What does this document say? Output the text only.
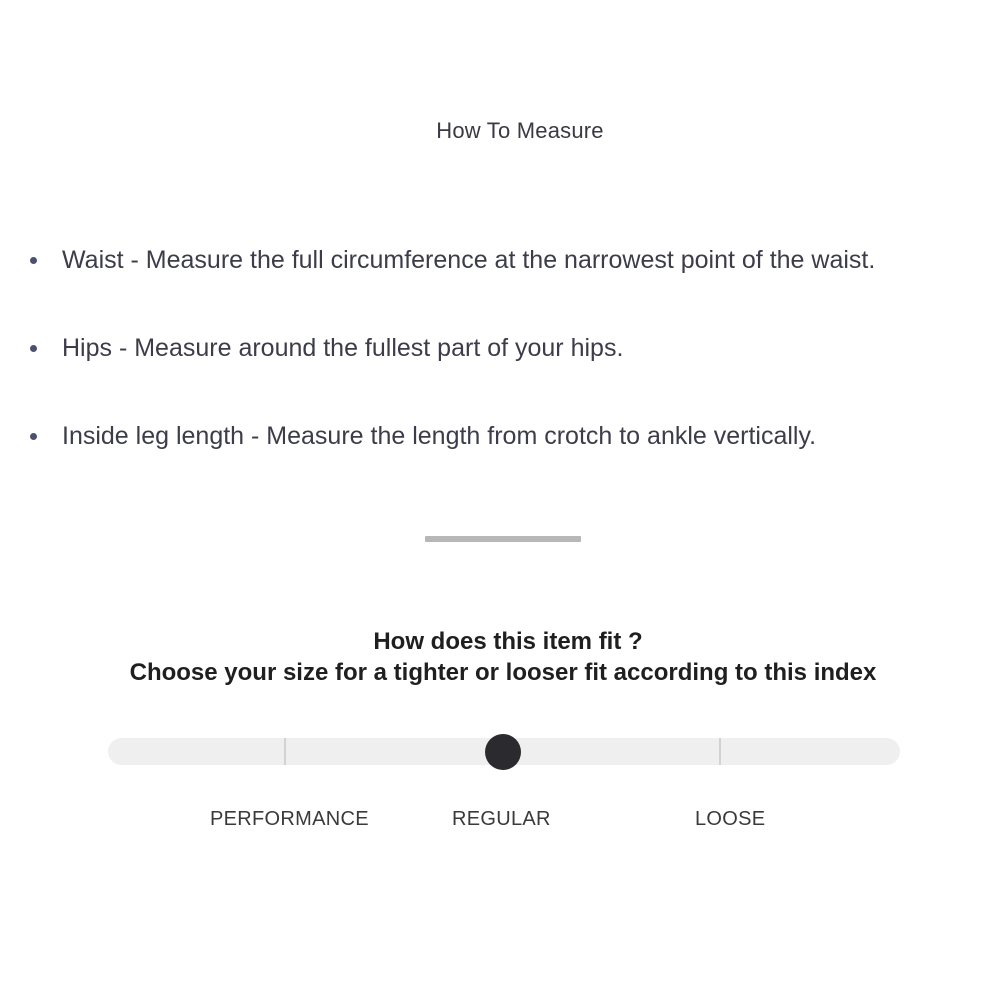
How To Measure
Waist - Measure the full circumference at the narrowest point of the waist.
Hips - Measure around the fullest part of your hips.
Inside leg length - Measure the length from crotch to ankle vertically.
How does this item fit ?
Choose your size for a tighter or looser fit according to this index
PERFORMANCE	REGULAR	LOOSE
